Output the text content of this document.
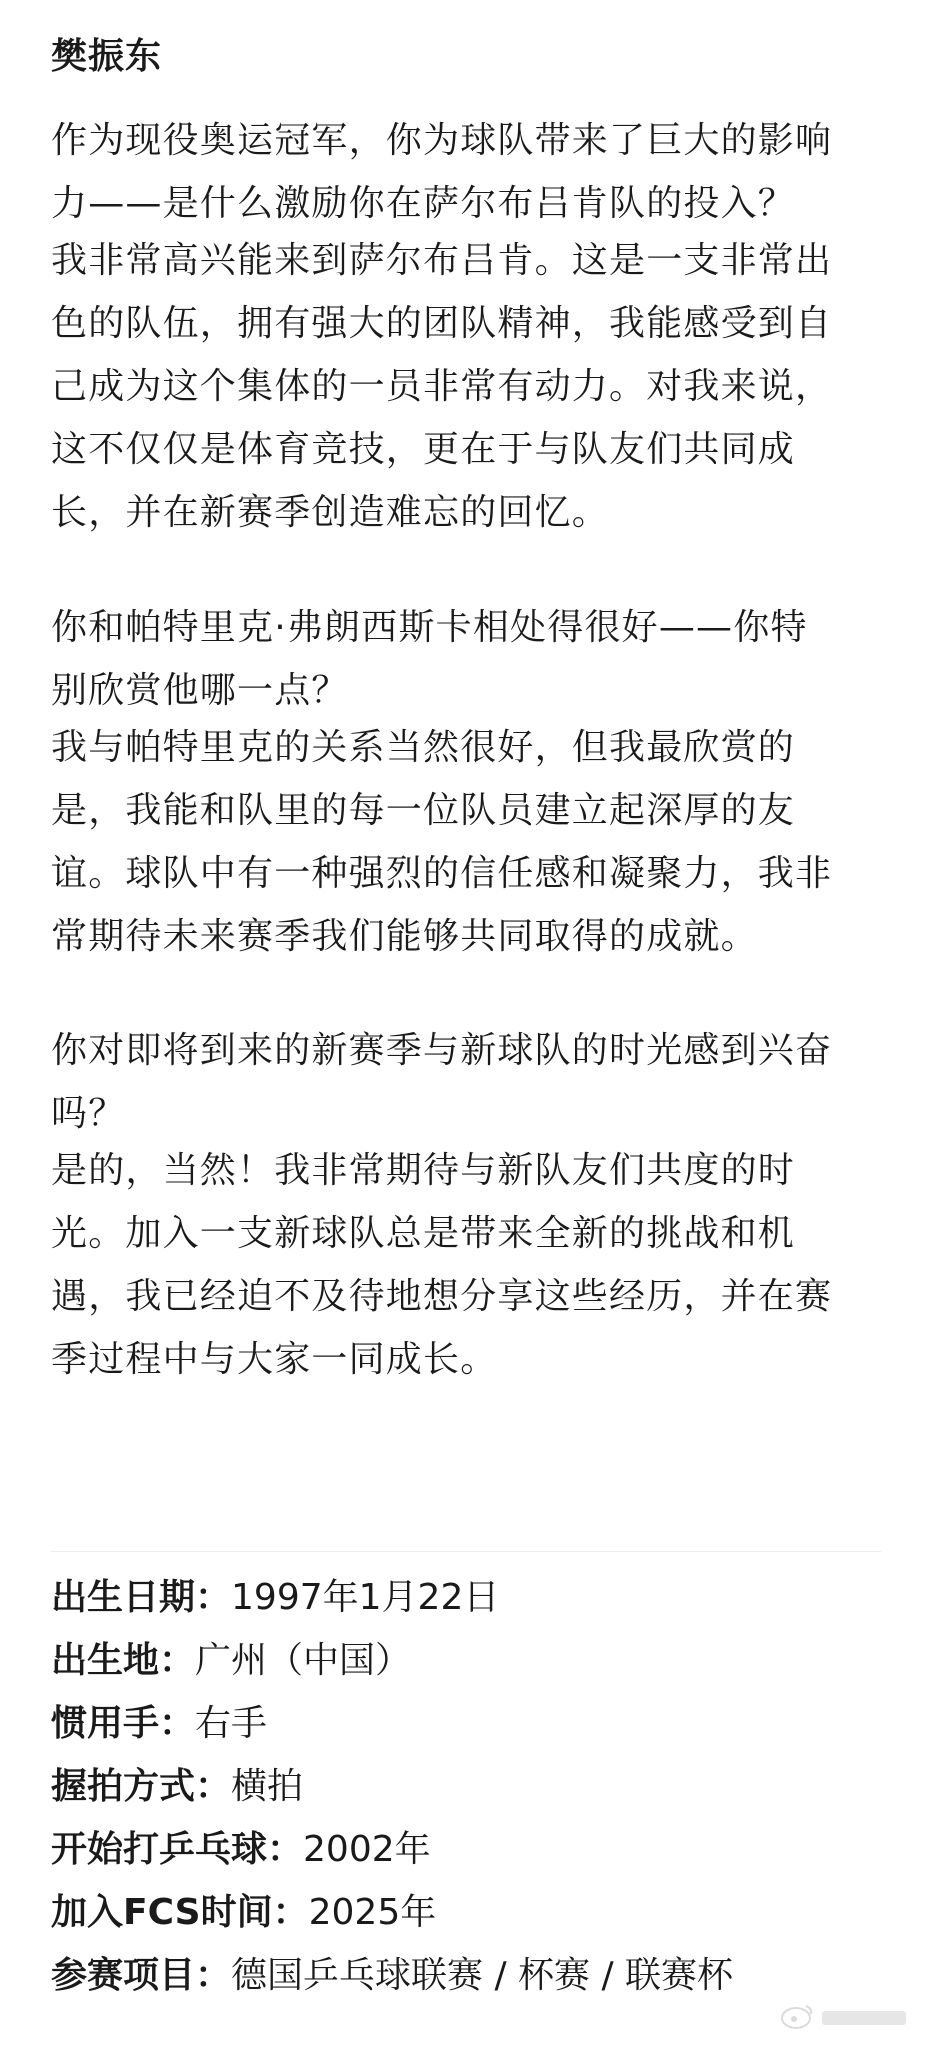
樊振东

作为现役奥运冠军，你为球队带来了巨大的影响
力——是什么激励你在萨尔布吕肯队的投入？

我非常高兴能来到萨尔布吕肯。这是一支非常出
色的队伍，拥有强大的团队精神，我能感受到自
己成为这个集体的一员非常有动力。对我来说，
这不仅仅是体育竞技，更在于与队友们共同成
长，并在新赛季创造难忘的回忆。

你和帕特里克·弗朗西斯卡相处得很好——你特
别欣赏他哪一点？

我与帕特里克的关系当然很好，但我最欣赏的
是，我能和队里的每一位队员建立起深厚的友
谊。球队中有一种强烈的信任感和凝聚力，我非
常期待未来赛季我们能够共同取得的成就。

你对即将到来的新赛季与新球队的时光感到兴奋
吗？

是的，当然！我非常期待与新队友们共度的时
光。加入一支新球队总是带来全新的挑战和机
遇，我已经迫不及待地想分享这些经历，并在赛
季过程中与大家一同成长。

出生日期：1997年1月22日
出生地：广州（中国）
惯用手：右手
握拍方式：横拍
开始打乒乓球：2002年
加入FCS时间：2025年
参赛项目：德国乒乓球联赛 / 杯赛 / 联赛杯
